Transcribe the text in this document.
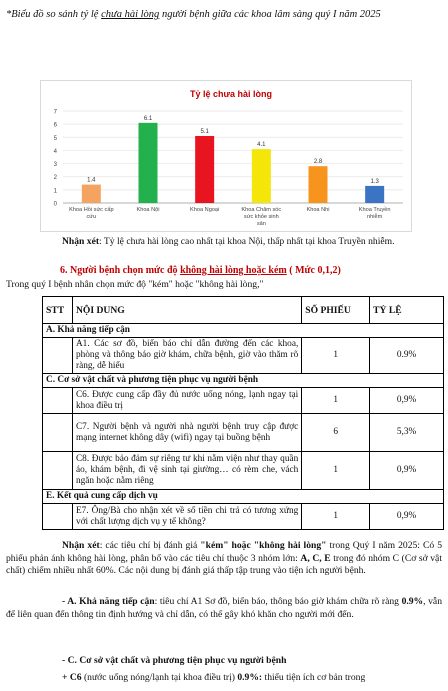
*Biểu đồ so sánh tỷ lệ chưa hài lòng người bệnh giữa các khoa lâm sàng quý I năm 2025
Tỷ lệ chưa hài lòng
0
1
2
3
4
5
6
7
1.4
Khoa Hồi sức cấp
cứu
6.1
Khoa Nội
5.1
Khoa Ngoại
4.1
Khoa Chăm sóc
sức khỏe sinh
sản
2.8
Khoa Nhi
1.3
Khoa Truyền
nhiễm
Nhận xét: Tỷ lệ chưa hài lòng cao nhất tại khoa Nội, thấp nhất tại khoa Truyền nhiễm.
6. Người bệnh chọn mức độ không hài lòng hoặc kém ( Mức 0,1,2)
Trong quý I bệnh nhân chọn mức độ "kém" hoặc "không hài lòng,"
STT	NỘI DUNG	SỐ PHIẾU	TỶ LỆ
A. Khả năng tiếp cận			
	A1. Các sơ đồ, biển báo chỉ dẫn đường đến các khoa, phòng và thông báo giờ khám, chữa bệnh, giờ vào thăm rõ ràng, dễ hiểu	1	0.9%
C. Cơ sở vật chất và phương tiện phục vụ người bệnh			
	C6. Được cung cấp đầy đủ nước uống nóng, lạnh ngay tại khoa điều trị	1	0,9%
	C7. Người bệnh và người nhà người bệnh truy cập được mạng internet không dây (wifi) ngay tại buồng bệnh	6	5,3%
	C8. Được bảo đảm sự riêng tư khi nằm viện như thay quần áo, khám bệnh, đi vệ sinh tại giường… có rèm che, vách ngăn hoặc nằm riêng	1	0,9%
E. Kết quả cung cấp dịch vụ			
	E7. Ông/Bà cho nhận xét về số tiền chi trả có tương xứng với chất lượng dịch vụ y tế không?	1	0,9%
Nhận xét: các tiêu chí bị đánh giá "kém" hoặc "không hài lòng" trong Quý I năm 2025: Có 5 phiếu phản ánh không hài lòng, phân bổ vào các tiêu chí thuộc 3 nhóm lớn: A, C, E trong đó nhóm C (Cơ sở vật chất) chiếm nhiều nhất 60%. Các nội dung bị đánh giá thấp tập trung vào tiện ích người bệnh.
- A. Khả năng tiếp cận: tiêu chí A1 Sơ đồ, biển báo, thông báo giờ khám chữa rõ ràng 0.9%, vẫn để liên quan đến thông tin định hướng và chỉ dẫn, có thể gây khó khăn cho người mới đến.
- C. Cơ sở vật chất và phương tiện phục vụ người bệnh
+ C6 (nước uống nóng/lạnh tại khoa điều trị) 0.9%: thiếu tiện ích cơ bản trong
